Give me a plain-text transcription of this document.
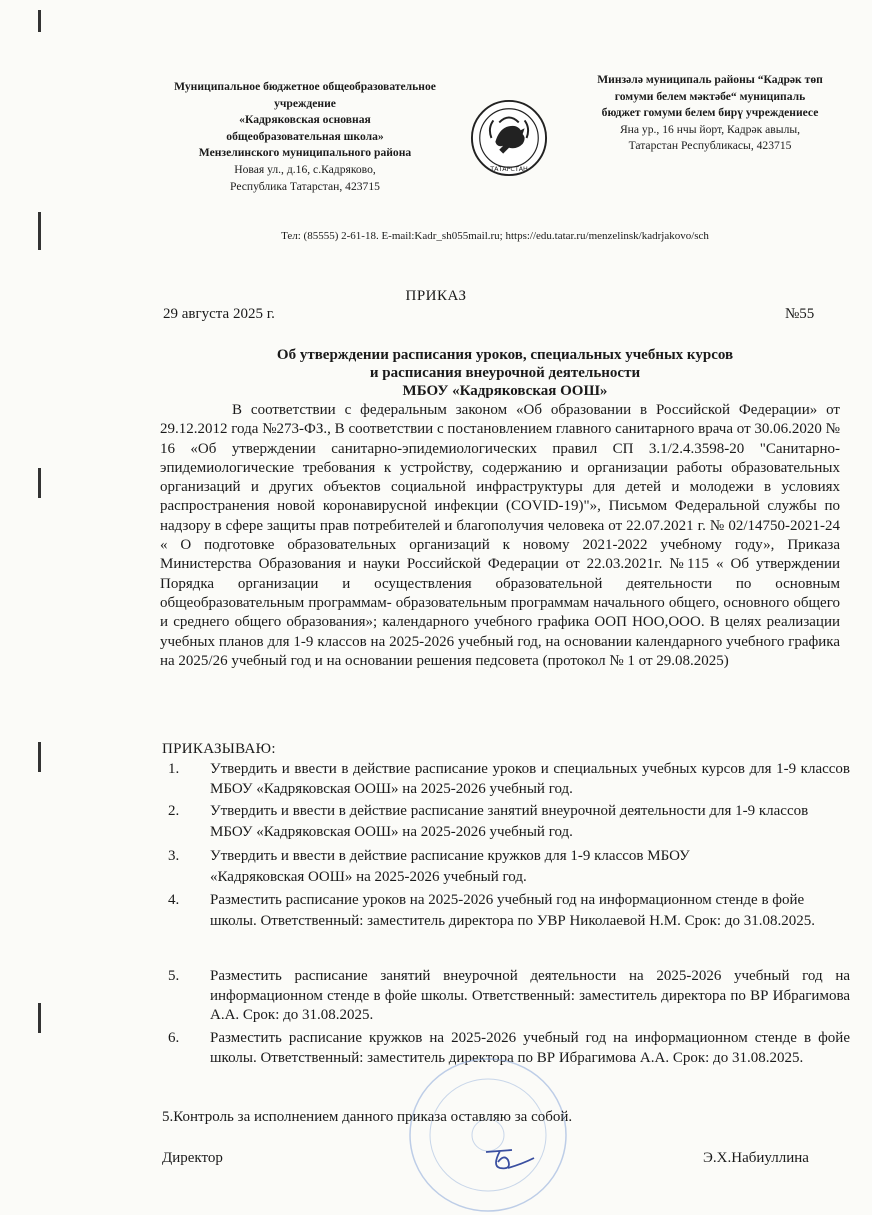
Муниципальное бюджетное общеобразовательное
учреждение
«Кадряковская основная
общеобразовательная школа»
Мензелинского муниципального района
Новая ул., д.16, с.Кадряково,
Республика Татарстан, 423715
ТАТАРСТАН
Минзәлә муниципаль районы “Кадрәк төп
гомуми белем мәктәбе“ муниципаль
бюджет гомуми белем бирү учреждениесе
Яна ур., 16 нчы йорт, Кадрәк авылы,
Татарстан Республикасы, 423715
Тел: (85555) 2-61-18. E-mail:Kadr_sh055mail.ru; https://edu.tatar.ru/menzelinsk/kadrjakovo/sch
ПРИКАЗ
29 августа 2025 г.	№55
Об утверждении расписания уроков, специальных учебных курсов
и расписания внеурочной деятельности
МБОУ «Кадряковская ООШ»
В соответствии с федеральным законом «Об образовании в Российской Федерации» от 29.12.2012 года №273-ФЗ., В соответствии с постановлением главного санитарного врача от 30.06.2020 № 16 «Об утверждении санитарно-эпидемиологических правил СП 3.1/2.4.3598-20 "Санитарно-эпидемиологические требования к устройству, содержанию и организации работы образовательных организаций и других объектов социальной инфраструктуры для детей и молодежи в условиях распространения новой коронавирусной инфекции (COVID-19)"», Письмом Федеральной службы по надзору в сфере защиты прав потребителей и благополучия человека от 22.07.2021 г. № 02/14750-2021-24 « О подготовке образовательных организаций к новому 2021-2022 учебному году», Приказа Министерства Образования и науки Российской Федерации от 22.03.2021г. №115 « Об утверждении Порядка организации и осуществления образовательной деятельности по основным общеобразовательным программам- образовательным программам начального общего, основного общего и среднего общего образования»; календарного учебного графика ООП НОО,ООО. В целях реализации учебных планов для 1-9 классов на 2025-2026 учебный год, на основании календарного учебного графика на 2025/26 учебный год и на основании решения педсовета (протокол № 1 от 29.08.2025)
ПРИКАЗЫВАЮ:
1. Утвердить и ввести в действие расписание уроков и специальных учебных курсов для 1-9 классов МБОУ «Кадряковская ООШ» на 2025-2026 учебный год.
2. Утвердить и ввести в действие расписание занятий внеурочной деятельности для 1-9 классов МБОУ «Кадряковская ООШ» на 2025-2026 учебный год.
3. Утвердить и ввести в действие расписание кружков для 1-9 классов МБОУ «Кадряковская ООШ» на 2025-2026 учебный год.
4. Разместить расписание уроков на 2025-2026 учебный год на информационном стенде в фойе школы. Ответственный: заместитель директора по УВР Николаевой Н.М. Срок: до 31.08.2025.
5. Разместить расписание занятий внеурочной деятельности на 2025-2026 учебный год на информационном стенде в фойе школы. Ответственный: заместитель директора по ВР Ибрагимова А.А. Срок: до 31.08.2025.
6. Разместить расписание кружков на 2025-2026 учебный год на информационном стенде в фойе школы. Ответственный: заместитель директора по ВР Ибрагимова А.А. Срок: до 31.08.2025.
5.Контроль за исполнением данного приказа оставляю за собой.
Директор	Э.Х.Набиуллина
